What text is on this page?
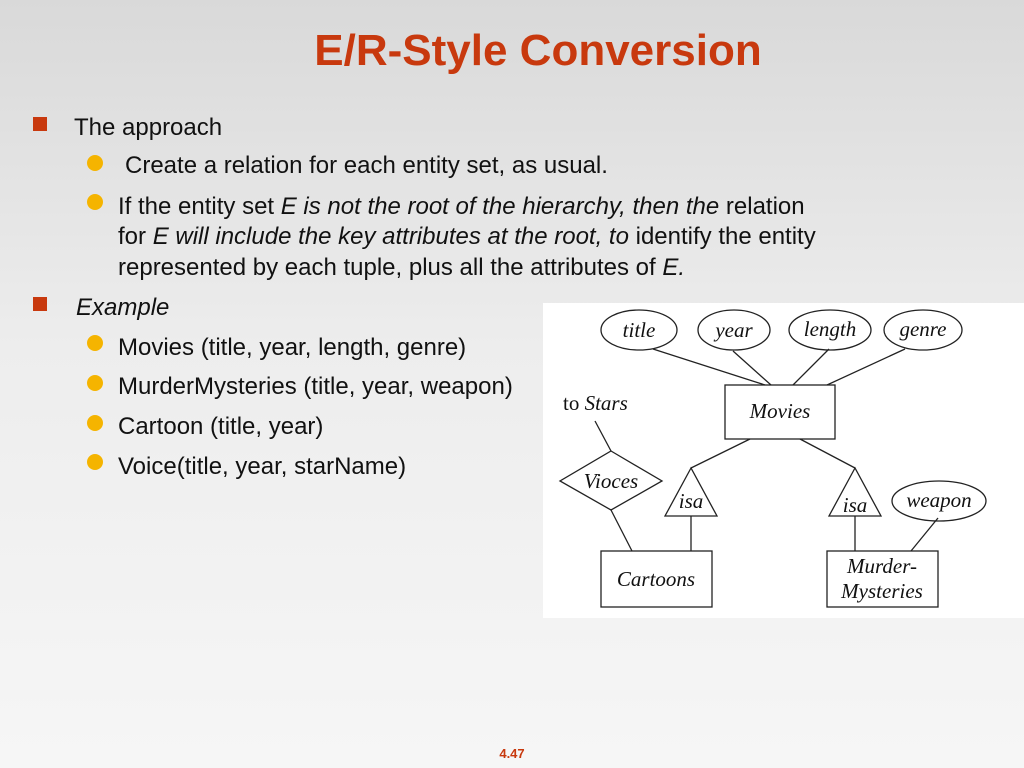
E/R-Style Conversion
The approach
Create a relation for each entity set, as usual.
If the entity set E is not the root of the hierarchy, then the relation
for E will include the key attributes at the root, to identify the entity
represented by each tuple, plus all the attributes of E.
Example
Movies (title, year, length, genre)
MurderMysteries (title, year, weapon)
Cartoon (title, year)
Voice(title, year, starName)
title	year length genre
Movies
to Stars
Vioces
isa	isa weapon
Cartoons
Murder-
Mysteries
4.47
